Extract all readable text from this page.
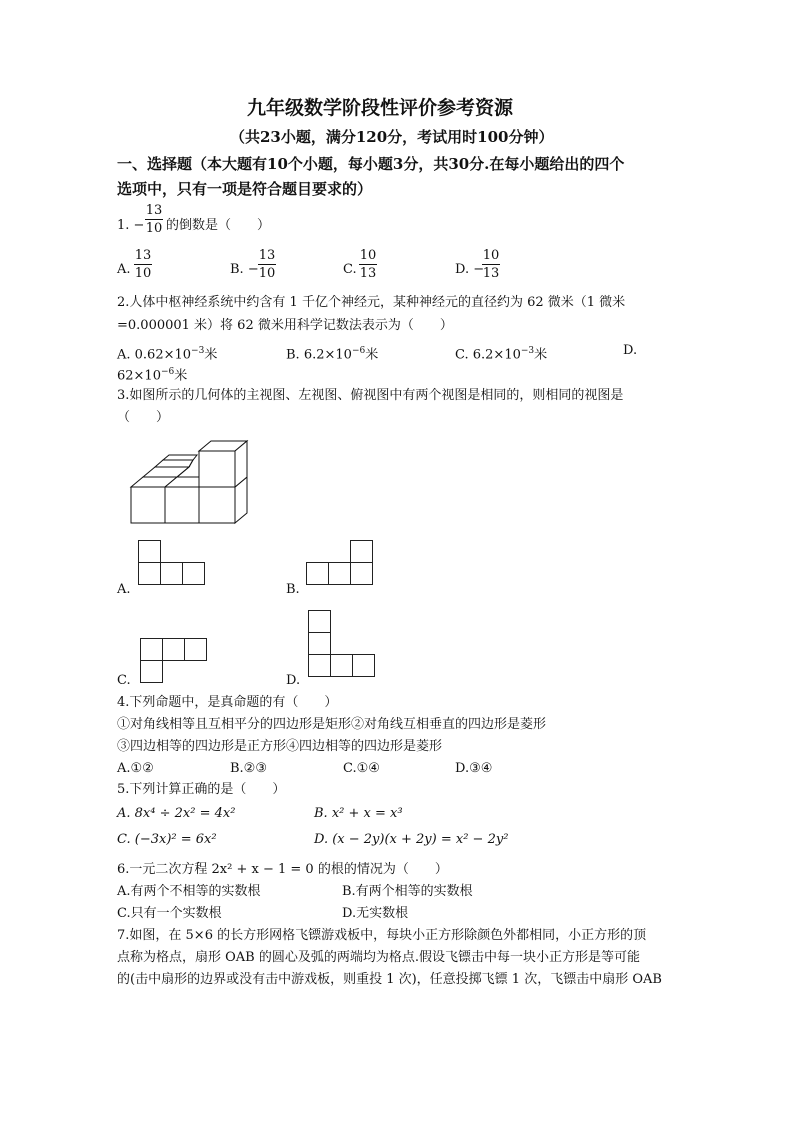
九年级数学阶段性评价参考资源
（共23小题，满分120分，考试用时100分钟）
一、选择题（本大题有10个小题，每小题3分，共30分.在每小题给出的四个
选项中，只有一项是符合题目要求的）
1. −
13
10 的倒数是（　　）
A.
13
10	B. −
13
10	C.
10
13	D. −
10
13
2.人体中枢神经系统中约含有 1 千亿个神经元，某种神经元的直径约为 62 微米（1 微米
=0.000001 米）将 62 微米用科学记数法表示为（　　）
A. $0.62\times 10^{-3}$米	B. $6.2\times 10^{-6}$米	C. $6.2\times 10^{-3}$米	D.
$62\times 10^{-6}$米
3.如图所示的几何体的主视图、左视图、俯视图中有两个视图是相同的，则相同的视图是
（　　）
A.	B.
C.	D.
4.下列命题中，是真命题的有（　　）
①对角线相等且互相平分的四边形是矩形②对角线互相垂直的四边形是菱形
③四边相等的四边形是正方形④四边相等的四边形是菱形
A.①②	B.②③	C.①④	D.③④
5.下列计算正确的是（　　）
A. 8x⁴ ÷ 2x² = 4x²	B. x² + x = x³
C. (−3x)² = 6x²	D. (x − 2y)(x + 2y) = x² − 2y²
6.一元二次方程 2x² + x − 1 = 0 的根的情况为（　　）
A.有两个不相等的实数根	B.有两个相等的实数根
C.只有一个实数根	D.无实数根
7.如图，在 5×6 的长方形网格飞镖游戏板中，每块小正方形除颜色外都相同，小正方形的顶
点称为格点，扇形 OAB 的圆心及弧的两端均为格点.假设飞镖击中每一块小正方形是等可能
的(击中扇形的边界或没有击中游戏板，则重投 1 次)，任意投掷飞镖 1 次，飞镖击中扇形 OAB
